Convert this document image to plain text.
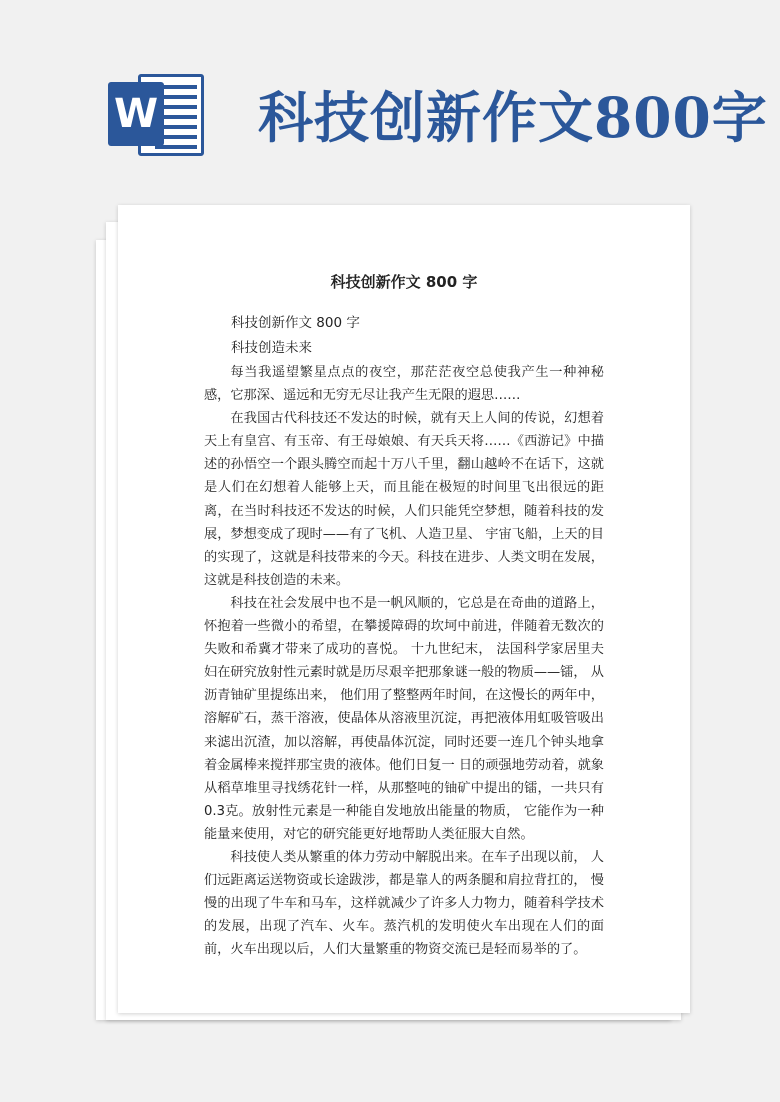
W 科技创新作文800字
科技创新作文 800 字
科技创新作文 800 字
科技创造未来

每当我遥望繁星点点的夜空，那茫茫夜空总使我产生一种神秘感，它那深、遥远和无穷无尽让我产生无限的遐思……

在我国古代科技还不发达的时候，就有天上人间的传说，幻想着天上有皇宫、有玉帝、有王母娘娘、有天兵天将……《西游记》中描述的孙悟空一个跟头腾空而起十万八千里，翻山越岭不在话下，这就是人们在幻想着人能够上天，而且能在极短的时间里飞出很远的距离，在当时科技还不发达的时候，人们只能凭空梦想，随着科技的发展，梦想变成了现时——有了飞机、人造卫星、 宇宙飞船，上天的目的实现了，这就是科技带来的今天。科技在进步、人类文明在发展，这就是科技创造的未来。

科技在社会发展中也不是一帆风顺的，它总是在奇曲的道路上，怀抱着一些微小的希望，在攀援障碍的坎坷中前进，伴随着无数次的失败和希冀才带来了成功的喜悦。 十九世纪末， 法国科学家居里夫妇在研究放射性元素时就是历尽艰辛把那象谜一般的物质——镭， 从沥青铀矿里提练出来， 他们用了整整两年时间，在这慢长的两年中， 溶解矿石，蒸干溶液，使晶体从溶液里沉淀，再把液体用虹吸管吸出来滤出沉渣，加以溶解，再使晶体沉淀，同时还要一连几个钟头地拿着金属棒来搅拌那宝贵的液体。他们日复一 日的顽强地劳动着，就象从稻草堆里寻找绣花针一样，从那整吨的铀矿中提出的镭，一共只有 0.3克。放射性元素是一种能自发地放出能量的物质， 它能作为一种能量来使用，对它的研究能更好地帮助人类征服大自然。

科技使人类从繁重的体力劳动中解脱出来。在车子出现以前， 人们远距离运送物资或长途跋涉，都是靠人的两条腿和肩拉背扛的， 慢慢的出现了牛车和马车，这样就减少了许多人力物力，随着科学技术的发展，出现了汽车、火车。蒸汽机的发明使火车出现在人们的面前，火车出现以后，人们大量繁重的物资交流已是轻而易举的了。
